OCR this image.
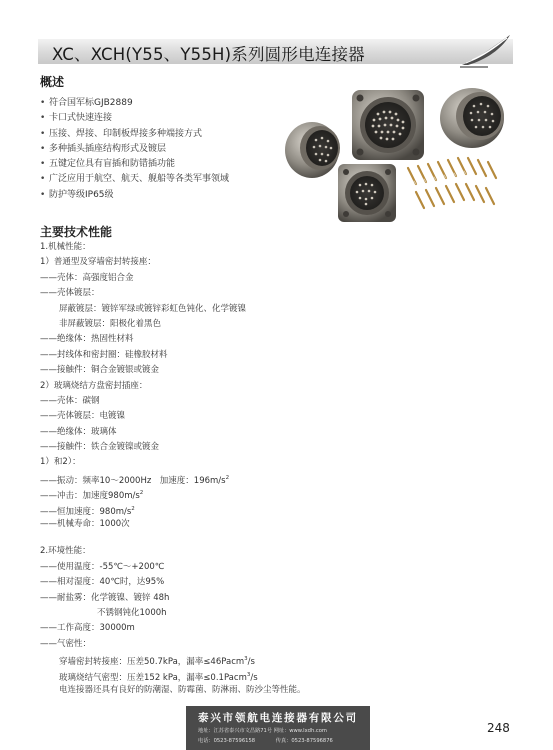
XC、XCH(Y55、Y55H)系列圆形电连接器
概述
• 符合国军标GJB2889
• 卡口式快速连接
• 压接、焊接、印制板焊接多种端接方式
• 多种插头插座结构形式及镀层
• 五键定位具有盲插和防错插功能
• 广泛应用于航空、航天、舰船等各类军事领域
• 防护等级IP65级
主要技术性能
1.机械性能：
1）普通型及穿墙密封转接座：
——壳体：高强度铝合金
——壳体镀层：
屏蔽镀层：镀锌军绿或镀锌彩虹色钝化、化学镀镍
非屏蔽镀层：阳极化着黑色
——绝缘体：热固性材料
——封线体和密封圈：硅橡胶材料
——接触件：铜合金镀银或镀金
2）玻璃烧结方盘密封插座：
——壳体：碳钢
——壳体镀层：电镀镍
——绝缘体：玻璃体
——接触件：铁合金镀镍或镀金
1）和2）：
——振动：频率10～2000Hz　加速度：$196m/s^2$
——冲击：加速度$980m/s^2$
——恒加速度：$980m/s^2$
——机械寿命：1000次
2.环境性能：
——使用温度：-55℃～+200℃
——相对湿度：40℃时，达95%
——耐盐雾：化学镀镍、镀锌 48h
不锈钢钝化1000h
——工作高度：30000m
——气密性：
穿墙密封转接座：压差50.7kPa，漏率≤46Pacm$^3$/s
玻璃烧结气密型：压差152 kPa，漏率≤0.1Pacm$^3$/s
电连接器还具有良好的防潮湿、防霉菌、防淋雨、防沙尘等性能。
泰兴市领航电连接器有限公司
地址：江苏省泰兴市文昌路71号 网址：www.lxdh.com
电话：0523-87596158　　　　传真：0523-87596876
248
